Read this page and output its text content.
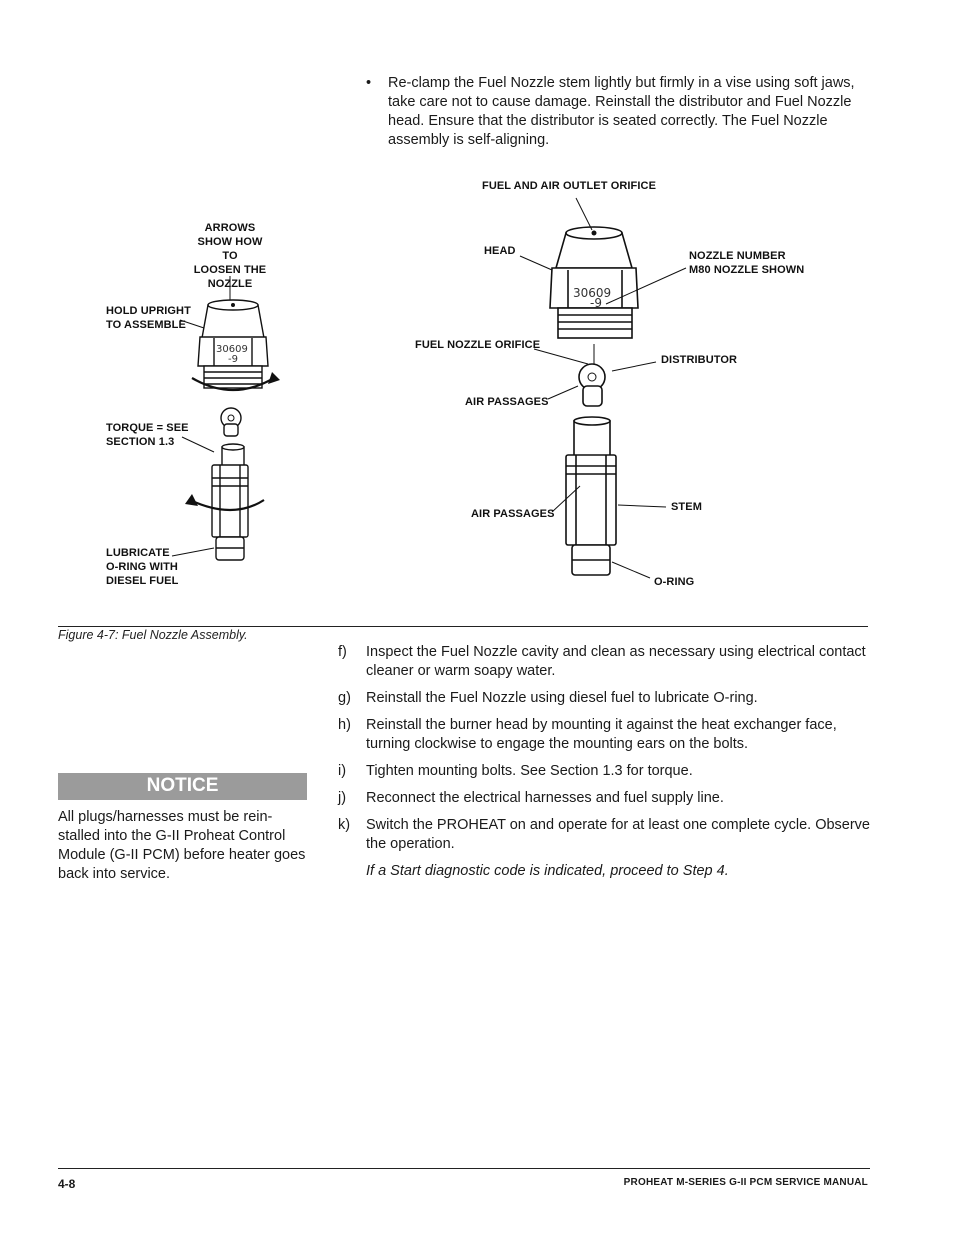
• Re-clamp the Fuel Nozzle stem lightly but firmly in a vise using soft jaws, take care not to cause damage. Reinstall the distributor and Fuel Nozzle head. Ensure that the distributor is seated correctly. The Fuel Nozzle assembly is self-aligning.
ARROWS
SHOW HOW TO
LOOSEN THE
NOZZLE
HOLD UPRIGHT
TO ASSEMBLE
TORQUE = SEE
SECTION 1.3
LUBRICATE
O-RING WITH
DIESEL FUEL
FUEL AND AIR OUTLET ORIFICE
HEAD	NOZZLE NUMBER
M80 NOZZLE SHOWN
FUEL NOZZLE ORIFICE
DISTRIBUTOR
AIR PASSAGES
AIR PASSAGES
STEM
O-RING
30609
-9
30609
-9
Figure 4-7: Fuel Nozzle Assembly.
f)	Inspect the Fuel Nozzle cavity and clean as necessary using electrical contact cleaner or warm soapy water.
g)	Reinstall the Fuel Nozzle using diesel fuel to lubricate O-ring.
h)	Reinstall the burner head by mounting it against the heat exchanger face, turning clockwise to engage the mounting ears on the bolts.
i)	Tighten mounting bolts. See Section 1.3 for torque.
j)	Reconnect the electrical harnesses and fuel supply line.
k)	Switch the PROHEAT on and operate for at least one complete cycle. Observe the operation.
If a Start diagnostic code is indicated, proceed to Step 4.
NOTICE
All plugs/harnesses must be rein-stalled into the G-II Proheat Control Module (G-II PCM) before heater goes back into service.
4-8	PROHEAT M-SERIES G-II PCM SERVICE MANUAL
